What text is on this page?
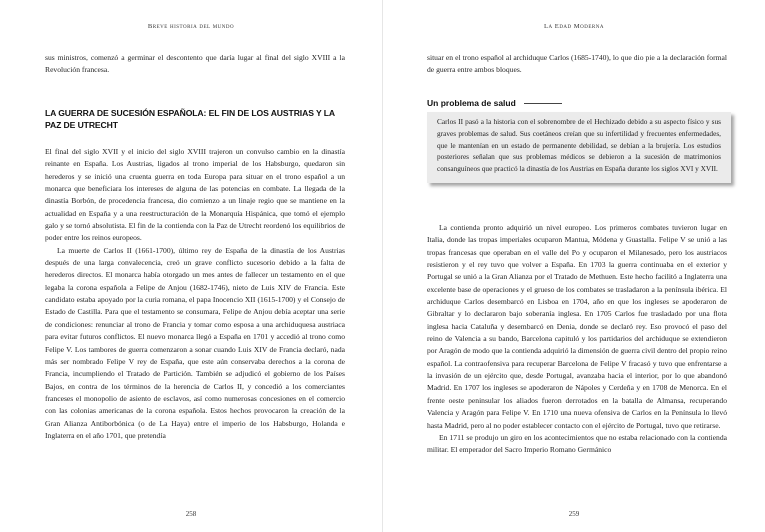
Breve historia del mundo

sus ministros, comenzó a germinar el descontento que daría lugar al final del siglo XVIII a la Revolución francesa.

LA GUERRA DE SUCESIÓN ESPAÑOLA: EL FIN DE LOS AUSTRIAS Y LA PAZ DE UTRECHT

El final del siglo XVII y el inicio del siglo XVIII trajeron un convulso cambio en la dinastía reinante en España. Los Austrias, ligados al trono imperial de los Habsburgo, quedaron sin herederos y se inició una cruenta guerra en toda Europa para situar en el trono español a un monarca que beneficiara los intereses de alguna de las potencias en combate. La llegada de la dinastía Borbón, de procedencia francesa, dio comienzo a un linaje regio que se mantiene en la actualidad en España y a una reestructuración de la Monarquía Hispánica, que tomó el ejemplo galo y se tornó absolutista. El fin de la contienda con la Paz de Utrecht reordenó los equilibrios de poder entre los reinos europeos.

La muerte de Carlos II (1661-1700), último rey de España de la dinastía de los Austrias después de una larga convalecencia, creó un grave conflicto sucesorio debido a la falta de herederos directos. El monarca había otorgado un mes antes de fallecer un testamento en el que legaba la corona española a Felipe de Anjou (1682-1746), nieto de Luis XIV de Francia. Este candidato estaba apoyado por la curia romana, el papa Inocencio XII (1615-1700) y el Consejo de Estado de Castilla. Para que el testamento se consumara, Felipe de Anjou debía aceptar una serie de condiciones: renunciar al trono de Francia y tomar como esposa a una archiduquesa austriaca para evitar futuros conflictos. El nuevo monarca llegó a España en 1701 y accedió al trono como Felipe V. Los tambores de guerra comenzaron a sonar cuando Luis XIV de Francia declaró, nada más ser nombrado Felipe V rey de España, que este aún conservaba derechos a la corona de Francia, incumpliendo el Tratado de Partición. También se adjudicó el gobierno de los Países Bajos, en contra de los términos de la herencia de Carlos II, y concedió a los comerciantes franceses el monopolio de asiento de esclavos, así como numerosas concesiones en el comercio con las colonias americanas de la corona española. Estos hechos provocaron la creación de la Gran Alianza Antiborbónica (o de La Haya) entre el imperio de los Habsburgo, Holanda e Inglaterra en el año 1701, que pretendía

258
La Edad Moderna

situar en el trono español al archiduque Carlos (1685-1740), lo que dio pie a la declaración formal de guerra entre ambos bloques.

Un problema de salud

Carlos II pasó a la historia con el sobrenombre de el Hechizado debido a su aspecto físico y sus graves problemas de salud. Sus coetáneos creían que su infertilidad y frecuentes enfermedades, que le mantenían en un estado de permanente debilidad, se debían a la brujería. Los estudios posteriores señalan que sus problemas médicos se debieron a la sucesión de matrimonios consanguíneos que practicó la dinastía de los Austrias en España durante los siglos XVI y XVII.

La contienda pronto adquirió un nivel europeo. Los primeros combates tuvieron lugar en Italia, donde las tropas imperiales ocuparon Mantua, Módena y Guastalla. Felipe V se unió a las tropas francesas que operaban en el valle del Po y ocuparon el Milanesado, pero los austriacos resistieron y el rey tuvo que volver a España. En 1703 la guerra continuaba en el exterior y Portugal se unió a la Gran Alianza por el Tratado de Methuen. Este hecho facilitó a Inglaterra una excelente base de operaciones y el grueso de los combates se trasladaron a la península ibérica. El archiduque Carlos desembarcó en Lisboa en 1704, año en que los ingleses se apoderaron de Gibraltar y lo declararon bajo soberanía inglesa. En 1705 Carlos fue trasladado por una flota inglesa hacia Cataluña y desembarcó en Denia, donde se declaró rey. Eso provocó el paso del reino de Valencia a su bando, Barcelona capituló y los partidarios del archiduque se extendieron por Aragón de modo que la contienda adquirió la dimensión de guerra civil dentro del propio reino español. La contraofensiva para recuperar Barcelona de Felipe V fracasó y tuvo que enfrentarse a la invasión de un ejército que, desde Portugal, avanzaba hacia el interior, por lo que abandonó Madrid. En 1707 los ingleses se apoderaron de Nápoles y Cerdeña y en 1708 de Menorca. En el frente oeste peninsular los aliados fueron derrotados en la batalla de Almansa, recuperando Valencia y Aragón para Felipe V. En 1710 una nueva ofensiva de Carlos en la Península lo llevó hasta Madrid, pero al no poder establecer contacto con el ejército de Portugal, tuvo que retirarse.

En 1711 se produjo un giro en los acontecimientos que no estaba relacionado con la contienda militar. El emperador del Sacro Imperio Romano Germánico

259
